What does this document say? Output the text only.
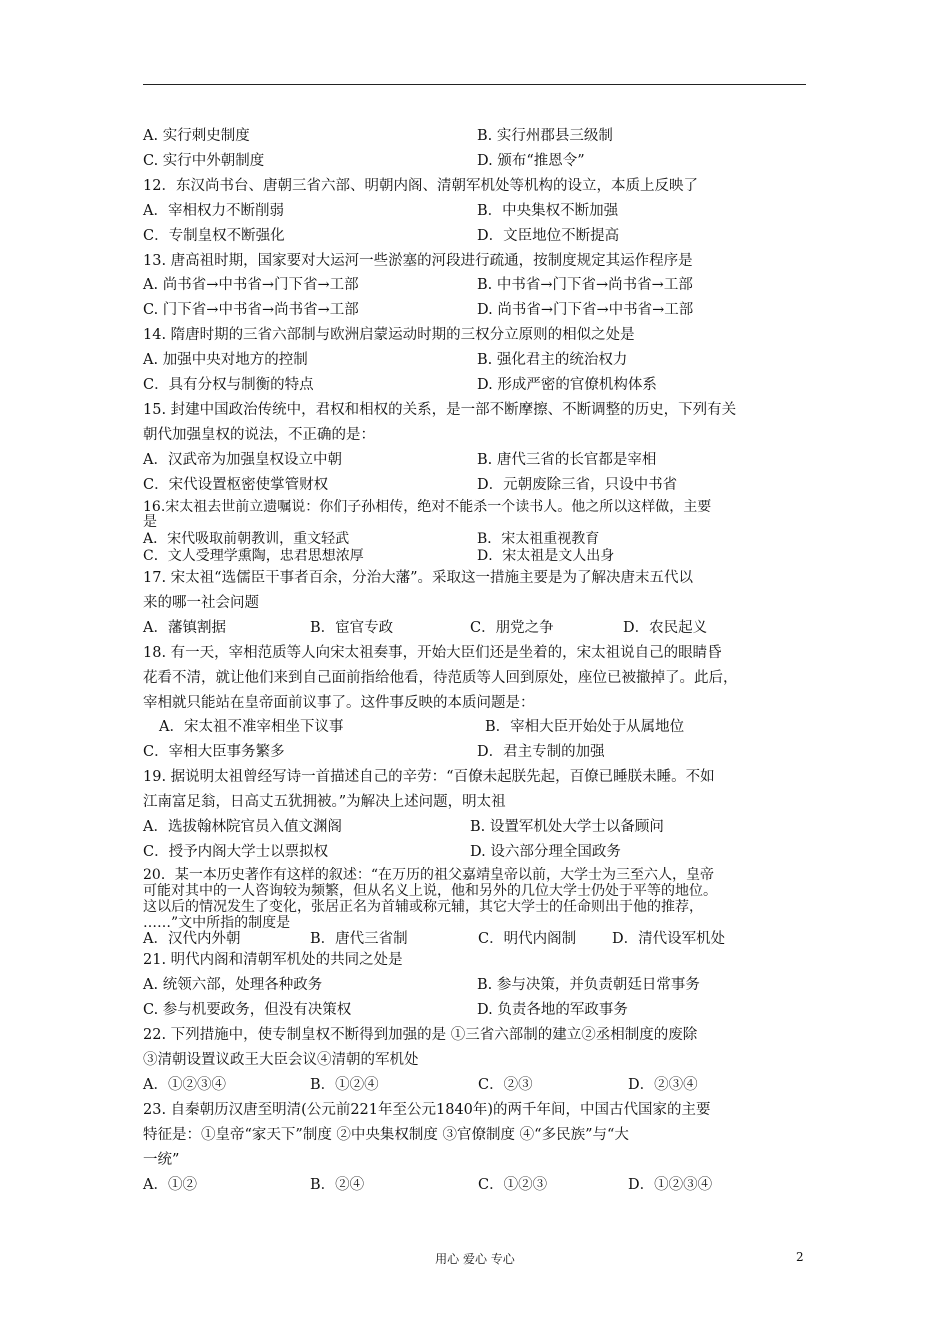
A. 实行刺史制度	B. 实行州郡县三级制
C. 实行中外朝制度	D. 颁布“推恩令”
12．东汉尚书台、唐朝三省六部、明朝内阁、清朝军机处等机构的设立，本质上反映了
A．宰相权力不断削弱	B．中央集权不断加强
C．专制皇权不断强化	D．文臣地位不断提高
13. 唐高祖时期，国家要对大运河一些淤塞的河段进行疏通，按制度规定其运作程序是
A. 尚书省→中书省→门下省→工部	B. 中书省→门下省→尚书省→工部
C. 门下省→中书省→尚书省→工部	D. 尚书省→门下省→中书省→工部
14. 隋唐时期的三省六部制与欧洲启蒙运动时期的三权分立原则的相似之处是
A. 加强中央对地方的控制	B. 强化君主的统治权力
C．具有分权与制衡的特点	D. 形成严密的官僚机构体系
15. 封建中国政治传统中，君权和相权的关系，是一部不断摩擦、不断调整的历史，下列有关
朝代加强皇权的说法，不正确的是：
A．汉武帝为加强皇权设立中朝	B. 唐代三省的长官都是宰相
C．宋代设置枢密使掌管财权	D．元朝废除三省，只设中书省
16.宋太祖去世前立遗嘱说：你们子孙相传，绝对不能杀一个读书人。他之所以这样做，主要
是
A．宋代吸取前朝教训，重文轻武	B．宋太祖重视教育
C．文人受理学熏陶，忠君思想浓厚	D．宋太祖是文人出身
17. 宋太祖“选儒臣干事者百余，分治大藩”。采取这一措施主要是为了解决唐末五代以
来的哪一社会问题
A．藩镇割据	B．宦官专政	C．朋党之争	D．农民起义
18. 有一天，宰相范质等人向宋太祖奏事，开始大臣们还是坐着的，宋太祖说自己的眼睛昏
花看不清，就让他们来到自己面前指给他看，待范质等人回到原处，座位已被撤掉了。此后，
宰相就只能站在皇帝面前议事了。这件事反映的本质问题是：
A．宋太祖不准宰相坐下议事	B．宰相大臣开始处于从属地位
C．宰相大臣事务繁多	D．君主专制的加强
19. 据说明太祖曾经写诗一首描述自己的辛劳：“百僚未起朕先起，百僚已睡朕未睡。不如
江南富足翁，日高丈五犹拥被。”为解决上述问题，明太祖
A．选拔翰林院官员入值文渊阁	B. 设置军机处大学士以备顾问
C．授予内阁大学士以票拟权	D. 设六部分理全国政务
20．某一本历史著作有这样的叙述：“在万历的祖父嘉靖皇帝以前，大学士为三至六人，皇帝
可能对其中的一人咨询较为频繁，但从名义上说，他和另外的几位大学士仍处于平等的地位。
这以后的情况发生了变化，张居正名为首辅或称元辅，其它大学士的任命则出于他的推荐，
……”文中所指的制度是
A．汉代内外朝	B．唐代三省制	C．明代内阁制 D．清代设军机处
21. 明代内阁和清朝军机处的共同之处是
A. 统领六部，处理各种政务	B. 参与决策，并负责朝廷日常事务
C. 参与机要政务，但没有决策权	D. 负责各地的军政事务
22. 下列措施中，使专制皇权不断得到加强的是 ①三省六部制的建立②丞相制度的废除
③清朝设置议政王大臣会议④清朝的军机处
A．①②③④	B．①②④	C．②③	D．②③④
23. 自秦朝历汉唐至明清(公元前221年至公元1840年)的两千年间，中国古代国家的主要
特征是：①皇帝“家天下”制度 ②中央集权制度 ③官僚制度 ④“多民族”与“大
一统”
A．①②	B．②④	C．①②③	D．①②③④
用心 爱心 专心	2
